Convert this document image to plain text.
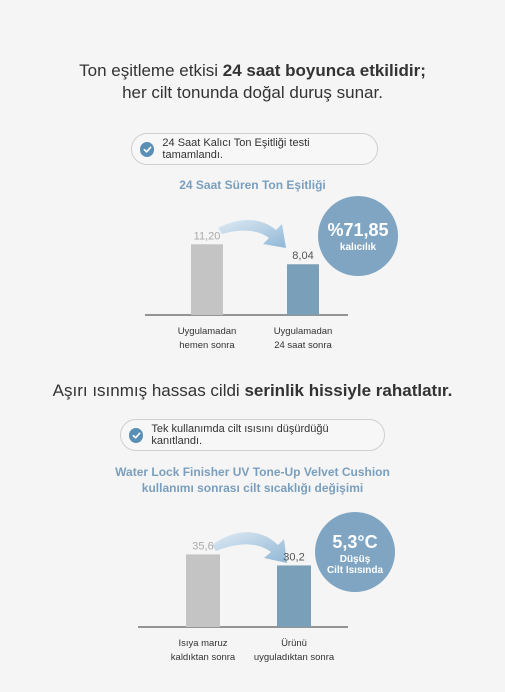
Ton eşitleme etkisi 24 saat boyunca etkilidir;
her cilt tonunda doğal duruş sunar.
24 Saat Kalıcı Ton Eşitliği testi tamamlandı.
24 Saat Süren Ton Eşitliği
11,20
Uygulamadan
hemen sonra
8,04
Uygulamadan
24 saat sonra
%71,85
kalıcılık
Aşırı ısınmış hassas cildi serinlik hissiyle rahatlatır.
Tek kullanımda cilt ısısını düşürdüğü kanıtlandı.
Water Lock Finisher UV Tone-Up Velvet Cushion
kullanımı sonrası cilt sıcaklığı değişimi
35,6
Isıya maruz
kaldıktan sonra
30,2
Ürünü
uyguladıktan sonra
5,3°C
Düşüş
Cilt Isısında
